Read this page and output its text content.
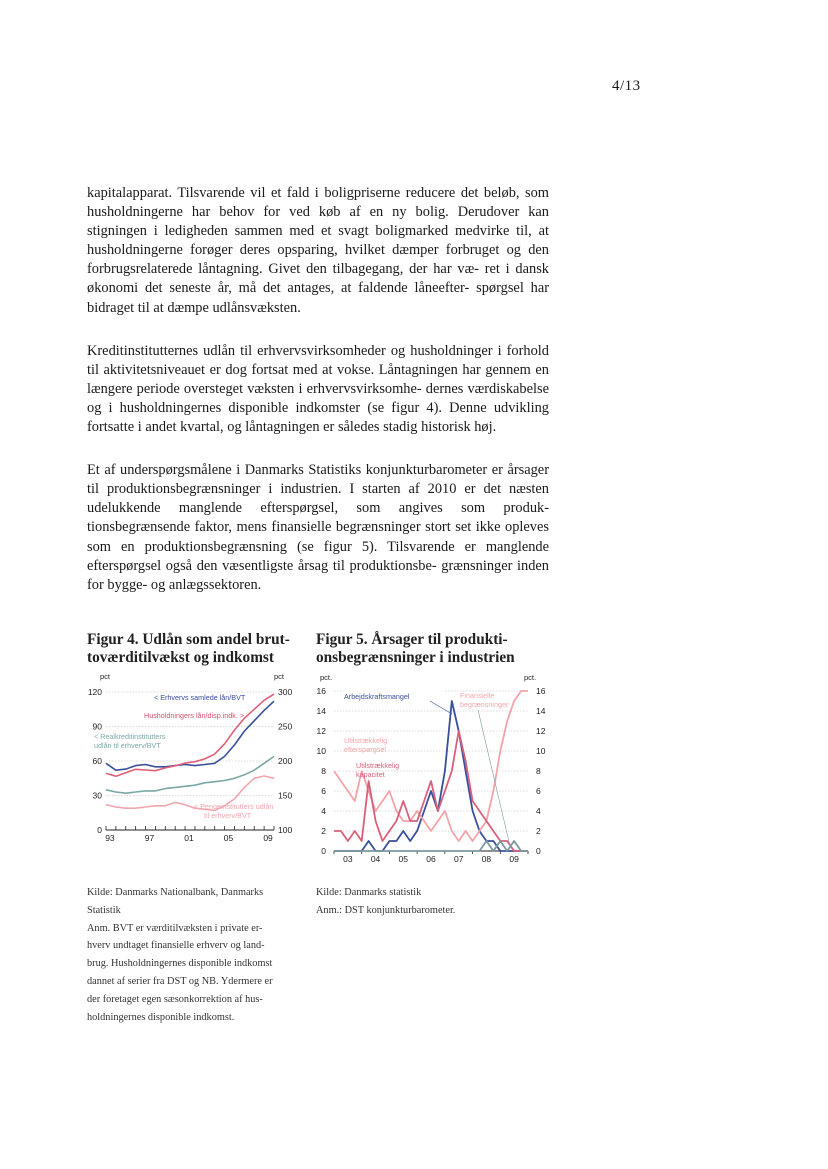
4/13
kapitalapparat. Tilsvarende vil et fald i boligpriserne reducere det beløb, som husholdningerne har behov for ved køb af en ny bolig. Derudover kan stigningen i ledigheden sammen med et svagt boligmarked medvirke til, at husholdningerne forøger deres opsparing, hvilket dæmper forbruget og den forbrugsrelaterede låntagning. Givet den tilbagegang, der har væ- ret i dansk økonomi det seneste år, må det antages, at faldende låneefter- spørgsel har bidraget til at dæmpe udlånsvæksten.
Kreditinstitutternes udlån til erhvervsvirksomheder og husholdninger i forhold til aktivitetsniveauet er dog fortsat med at vokse. Låntagningen har gennem en længere periode oversteget væksten i erhvervsvirksomhe- dernes værdiskabelse og i husholdningernes disponible indkomster (se figur 4). Denne udvikling fortsatte i andet kvartal, og låntagningen er således stadig historisk høj.
Et af underspørgsmålene i Danmarks Statistiks konjunkturbarometer er årsager til produktionsbegrænsninger i industrien. I starten af 2010 er det næsten udelukkende manglende efterspørgsel, som angives som produk- tionsbegrænsende faktor, mens finansielle begrænsninger stort set ikke opleves som en produktionsbegrænsning (se figur 5). Tilsvarende er manglende efterspørgsel også den væsentligste årsag til produktionsbe- grænsninger inden for bygge- og anlægssektoren.
Figur 4. Udlån som andel brut-
toværditilvækst og indkomst
pct	pct
0
30
60
90
120
100
150
200
250
300
93	97	01	05	09
< Erhvervs samlede lån/BVT
Husholdningers lån/disp.indk. >
< Realkreditinstitutters
udlån til erhverv/BVT
< Pengeinstitutters udlån
til erhverv/BVT
Kilde: Danmarks Nationalbank, Danmarks
Statistik
Anm. BVT er værditilvæksten i private er-
hverv undtaget finansielle erhverv og land-
brug. Husholdningernes disponible indkomst
dannet af serier fra DST og NB. Ydermere er
der foretaget egen sæsonkorrektion af hus-
holdningernes disponible indkomst.
Figur 5. Årsager til produkti-
onsbegrænsninger i industrien
pct.	pct.
0	0
2	2
4	4
6	6
8	8
10	10
12	12
14	14
16	16
03 04 05 06 07 08 09
Arbejdskraftsmangel	Finansielle
begrænsninger
Utilstrækkelig
efterspørgsel
Utilstrækkelig
kapacitet
Kilde: Danmarks statistik
Anm.: DST konjunkturbarometer.
